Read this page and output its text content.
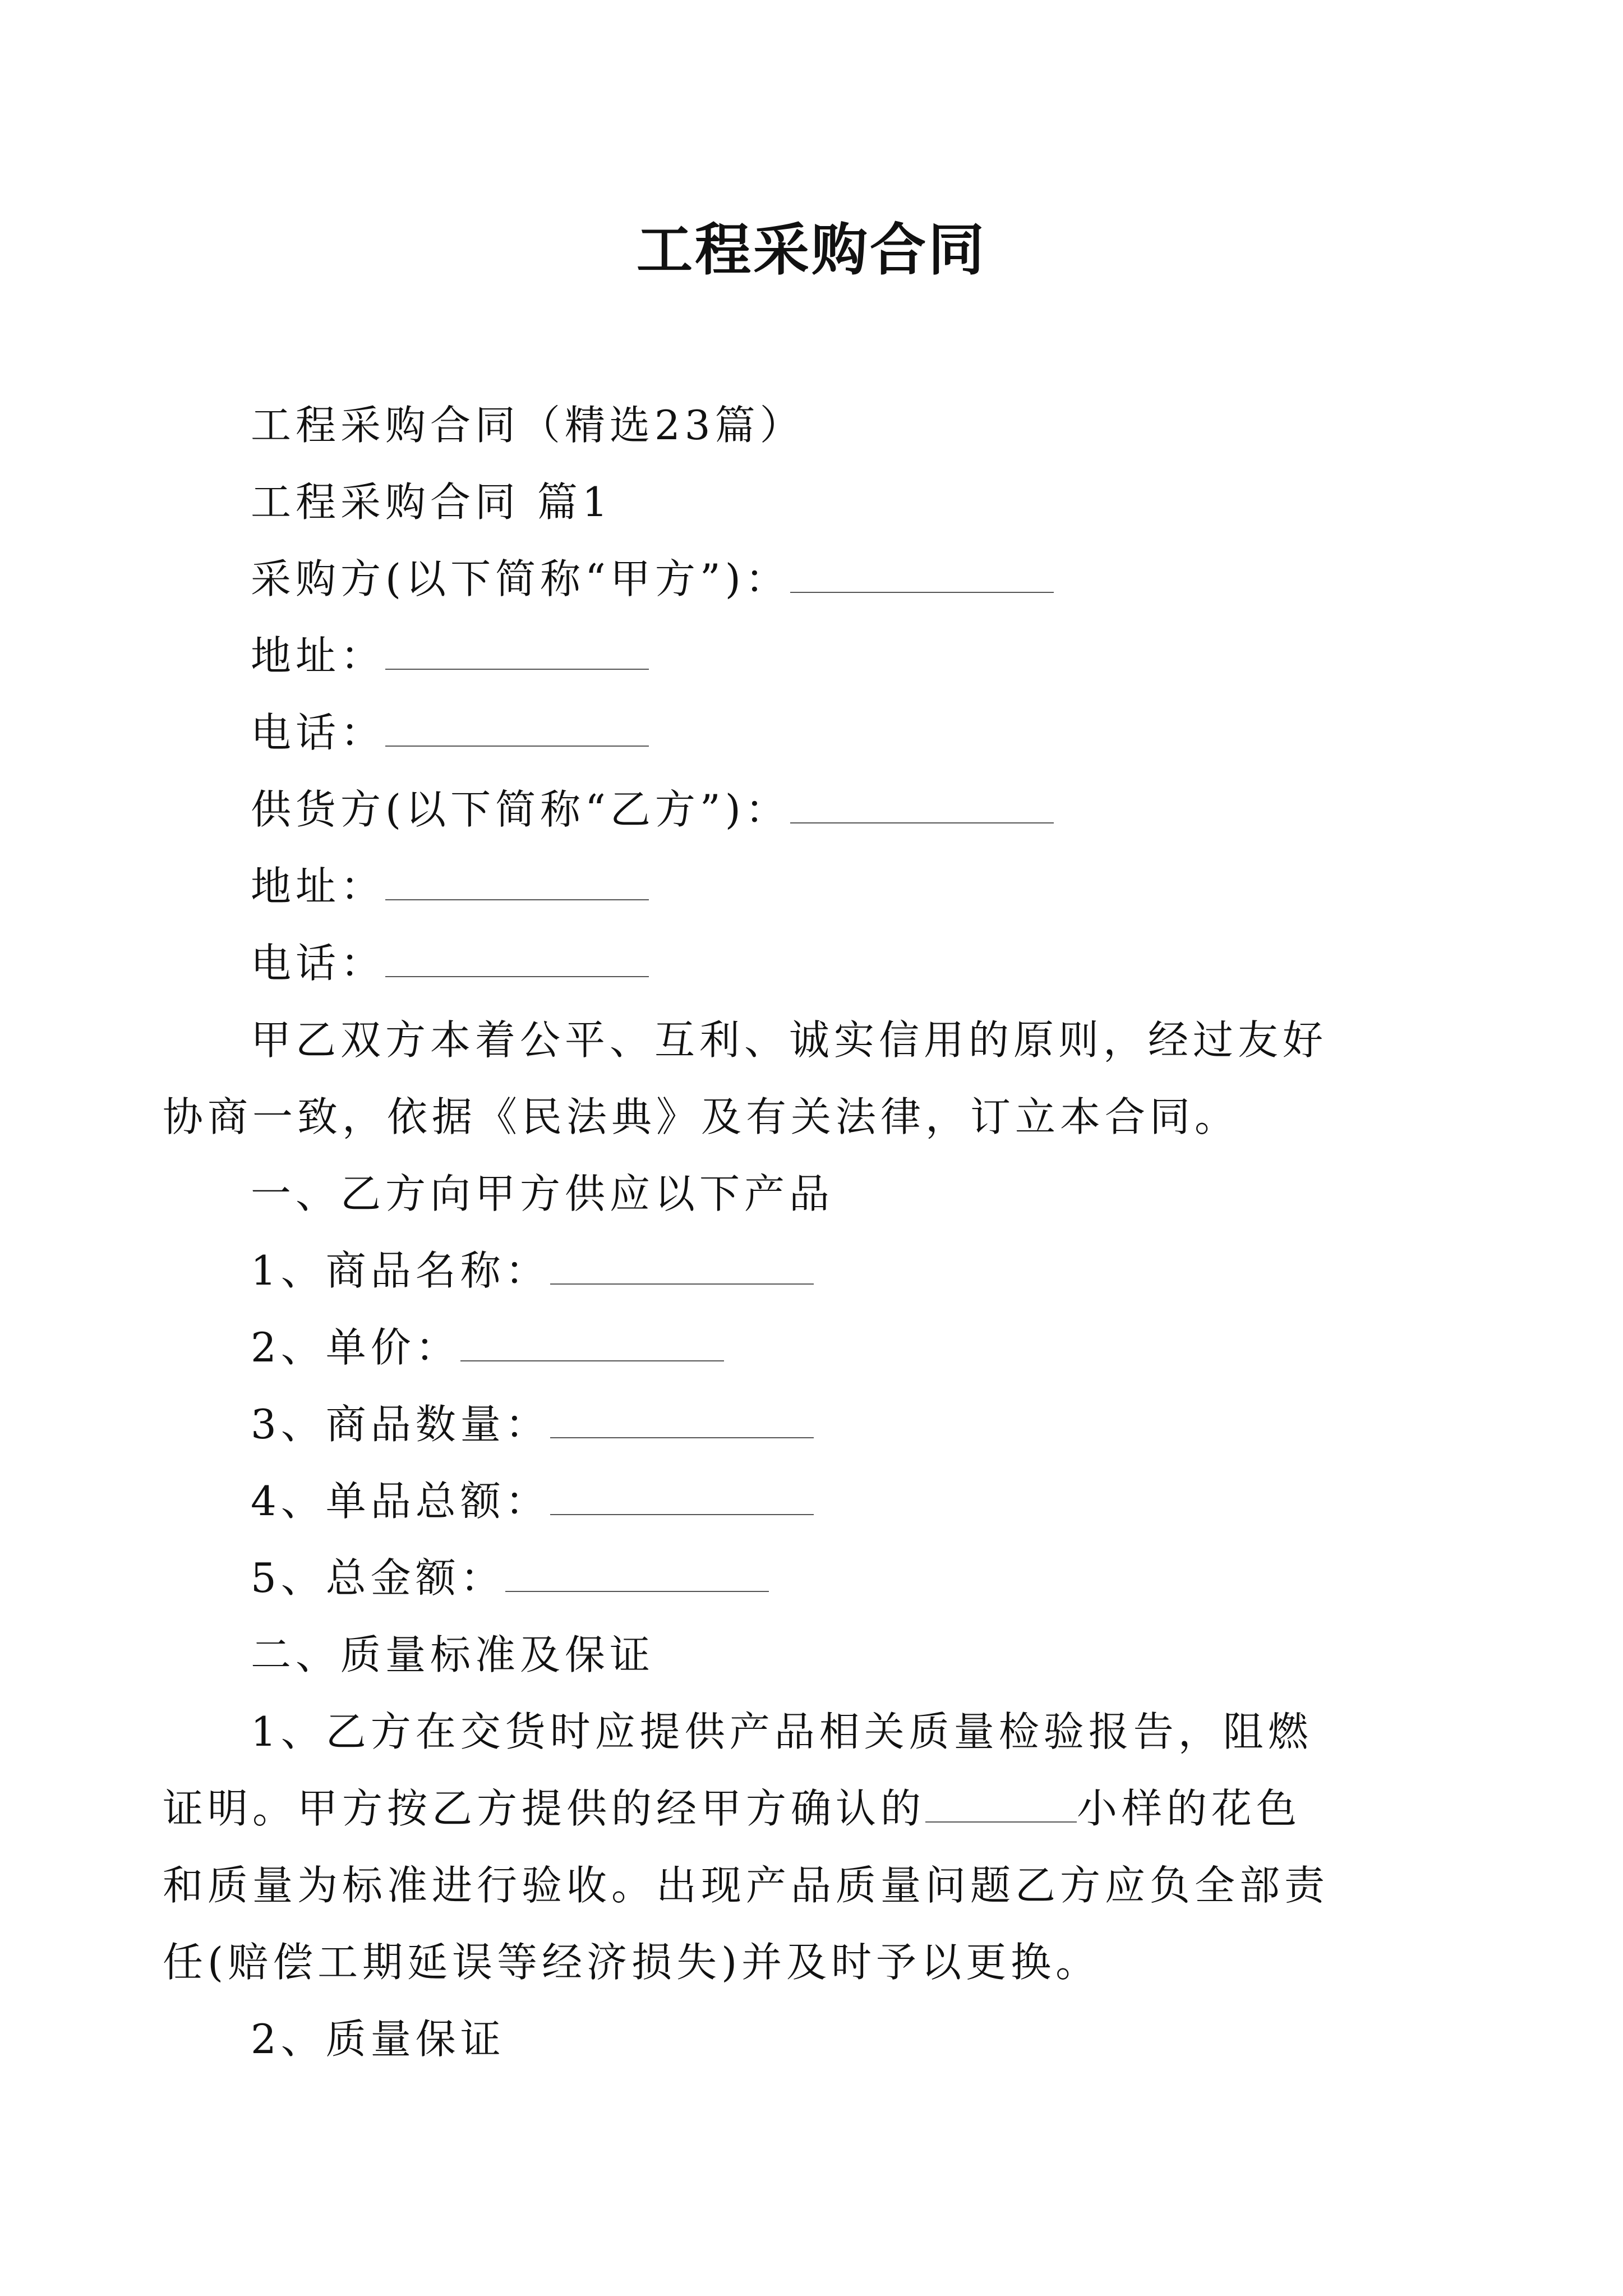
工程采购合同
工程采购合同（精选23篇）
工程采购合同 篇1
采购方(以下简称“甲方”)：
地址：
电话：
供货方(以下简称“乙方”)：
地址：
电话：
甲乙双方本着公平、互利、诚实信用的原则，经过友好
协商一致，依据《民法典》及有关法律，订立本合同。
一、乙方向甲方供应以下产品
1、商品名称：
2、单价：
3、商品数量：
4、单品总额：
5、总金额：
二、质量标准及保证
1、乙方在交货时应提供产品相关质量检验报告，阻燃
证明。甲方按乙方提供的经甲方确认的	小样的花色
和质量为标准进行验收。出现产品质量问题乙方应负全部责
任(赔偿工期延误等经济损失)并及时予以更换。
2、质量保证
